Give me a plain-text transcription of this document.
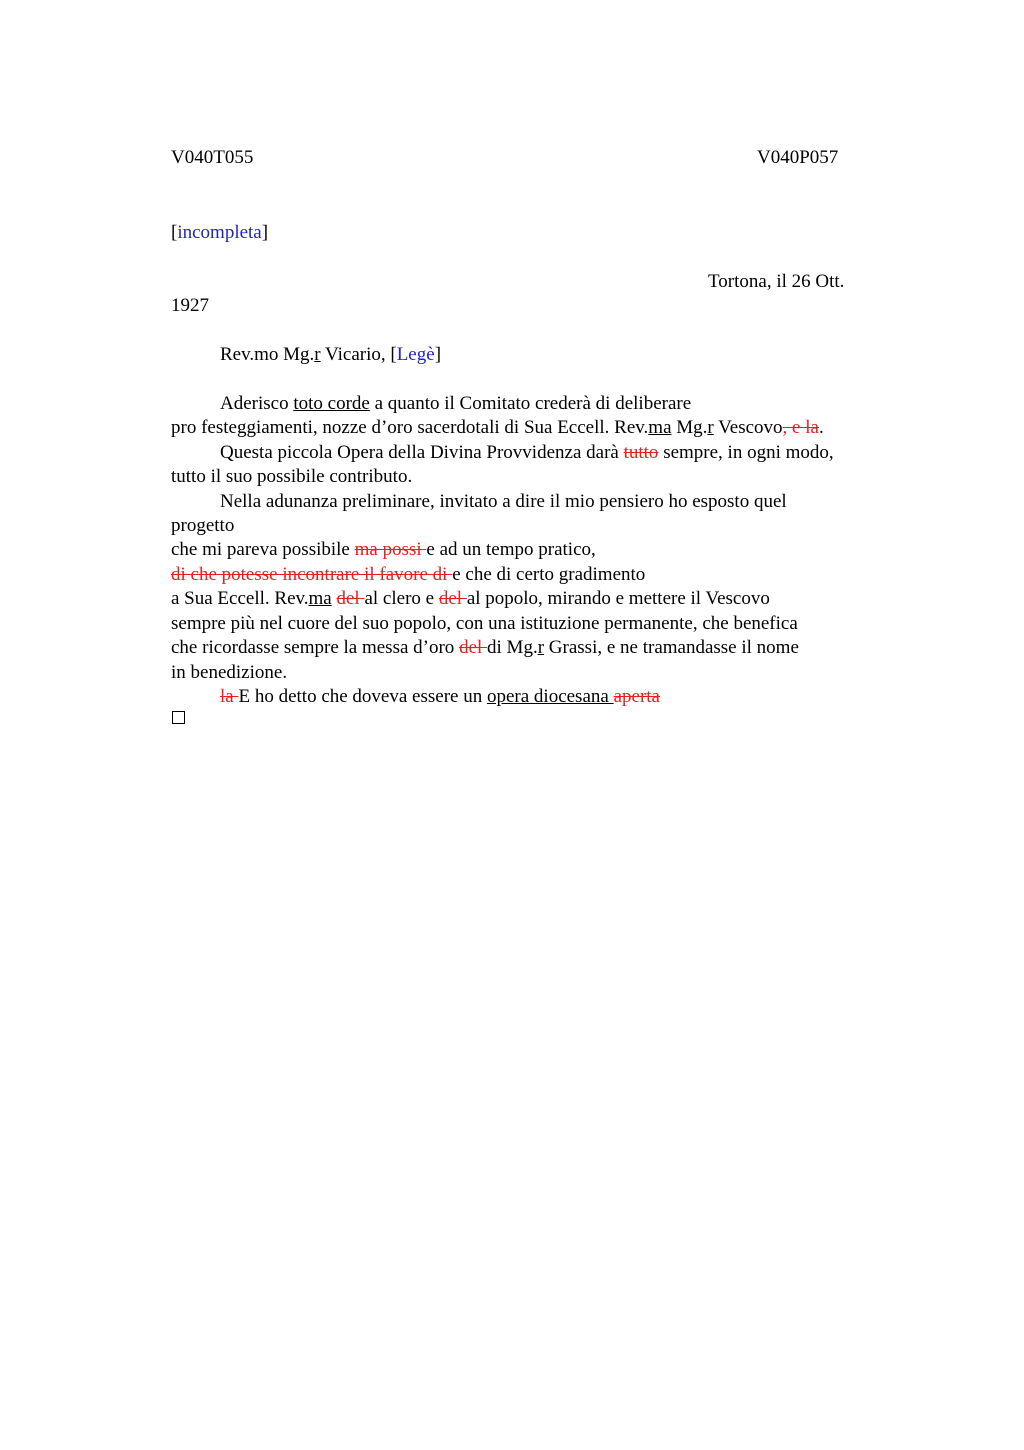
V040T055	V040P057
[incompleta]
Tortona, il 26 Ott.
1927
Rev.mo Mg.r Vicario, [Legè]
Aderisco toto corde a quanto il Comitato crederà di deliberare
pro festeggiamenti, nozze d’oro sacerdotali di Sua Eccell. Rev.ma Mg.r Vescovo, e la.
Questa piccola Opera della Divina Provvidenza darà tutto sempre, in ogni modo,
tutto il suo possibile contributo.
Nella adunanza preliminare, invitato a dire il mio pensiero ho esposto quel
progetto
che mi pareva possibile ma possi e ad un tempo pratico,
di che potesse incontrare il favore di e che di certo gradimento
a Sua Eccell. Rev.ma del al clero e del al popolo, mirando e mettere il Vescovo
sempre più nel cuore del suo popolo, con una istituzione permanente, che benefica
che ricordasse sempre la messa d’oro del di Mg.r Grassi, e ne tramandasse il nome
in benedizione.
la E ho detto che doveva essere un opera diocesana aperta
